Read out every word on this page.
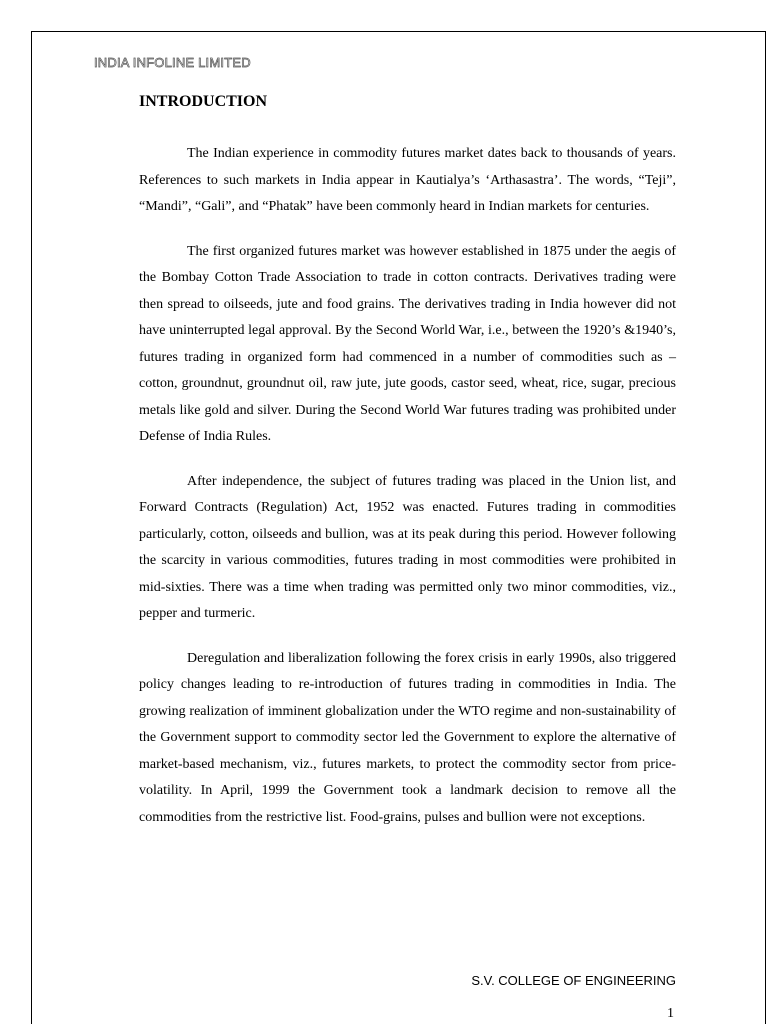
INDIA INFOLINE LIMITED
INTRODUCTION

The Indian experience in commodity futures market dates back to thousands of years. References to such markets in India appear in Kautialya’s ‘Arthasastra’. The words, “Teji”, “Mandi”, “Gali”, and “Phatak” have been commonly heard in Indian markets for centuries.

The first organized futures market was however established in 1875 under the aegis of the Bombay Cotton Trade Association to trade in cotton contracts. Derivatives trading were then spread to oilseeds, jute and food grains. The derivatives trading in India however did not have uninterrupted legal approval. By the Second World War, i.e., between the 1920’s &1940’s, futures trading in organized form had commenced in a number of commodities such as – cotton, groundnut, groundnut oil, raw jute, jute goods, castor seed, wheat, rice, sugar, precious metals like gold and silver. During the Second World War futures trading was prohibited under Defense of India Rules.

After independence, the subject of futures trading was placed in the Union list, and Forward Contracts (Regulation) Act, 1952 was enacted. Futures trading in commodities particularly, cotton, oilseeds and bullion, was at its peak during this period. However following the scarcity in various commodities, futures trading in most commodities were prohibited in mid-sixties. There was a time when trading was permitted only two minor commodities, viz., pepper and turmeric.

Deregulation and liberalization following the forex crisis in early 1990s, also triggered policy changes leading to re-introduction of futures trading in commodities in India. The growing realization of imminent globalization under the WTO regime and non-sustainability of the Government support to commodity sector led the Government to explore the alternative of market-based mechanism, viz., futures markets, to protect the commodity sector from price-volatility. In April, 1999 the Government took a landmark decision to remove all the commodities from the restrictive list. Food-grains, pulses and bullion were not exceptions.

S.V. COLLEGE OF ENGINEERING
1
